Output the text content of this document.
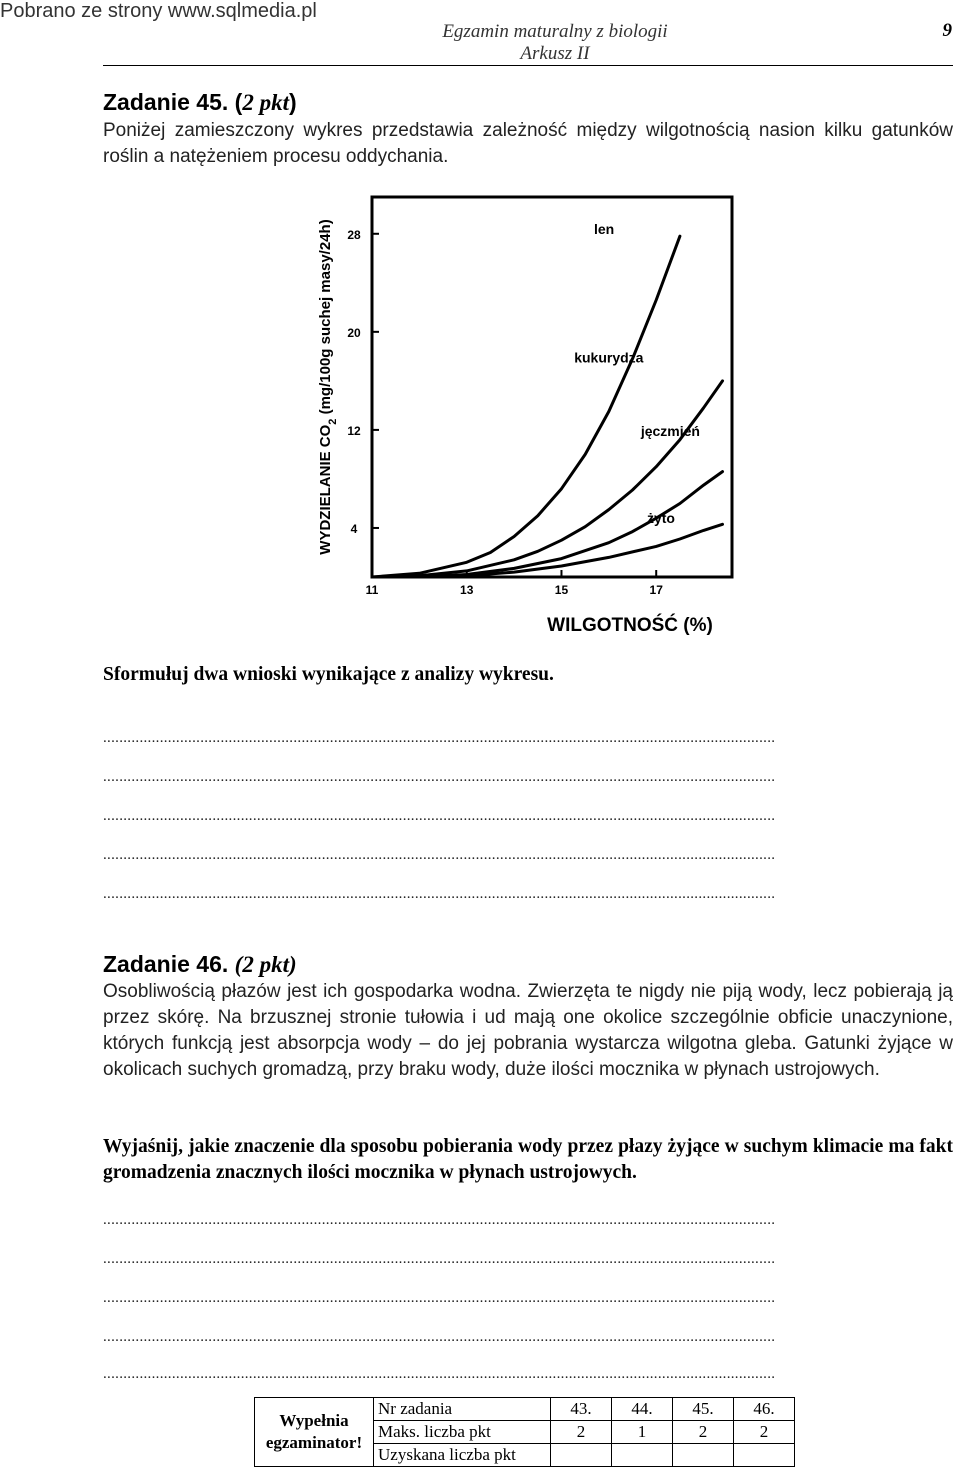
Pobrano ze strony www.sqlmedia.pl
Egzamin maturalny z biologii
Arkusz II
9
Zadanie 45. (2 pkt)
Poniżej zamieszczony wykres przedstawia zależność między wilgotnością nasion kilku gatunków roślin a natężeniem procesu oddychania.
11	13	15	17
4
12
20
28
WILGOTNOŚĆ (%)
WYDZIELANIE $CO_2$ (mg/100g suchej masy/24h)	len
kukurydza
jęczmień
żyto
Sformułuj dwa wnioski wynikające z analizy wykresu.
......................................................................................................................................................................
......................................................................................................................................................................
......................................................................................................................................................................
......................................................................................................................................................................
......................................................................................................................................................................
Zadanie 46. (2 pkt)
Osobliwością płazów jest ich gospodarka wodna. Zwierzęta te nigdy nie piją wody, lecz pobierają ją przez skórę. Na brzusznej stronie tułowia i ud mają one okolice szczególnie obficie unaczynione, których funkcją jest absorpcja wody – do jej pobrania wystarcza wilgotna gleba. Gatunki żyjące w okolicach suchych gromadzą, przy braku wody, duże ilości mocznika w płynach ustrojowych.
Wyjaśnij, jakie znaczenie dla sposobu pobierania wody przez płazy żyjące w suchym klimacie ma fakt gromadzenia znacznych ilości mocznika w płynach ustrojowych.
......................................................................................................................................................................
......................................................................................................................................................................
......................................................................................................................................................................
......................................................................................................................................................................
......................................................................................................................................................................
Wypełnia egzaminator!	Nr zadania	43.	44.	45.	46.
	Maks. liczba pkt	2	1	2	2
	Uzyskana liczba pkt				
